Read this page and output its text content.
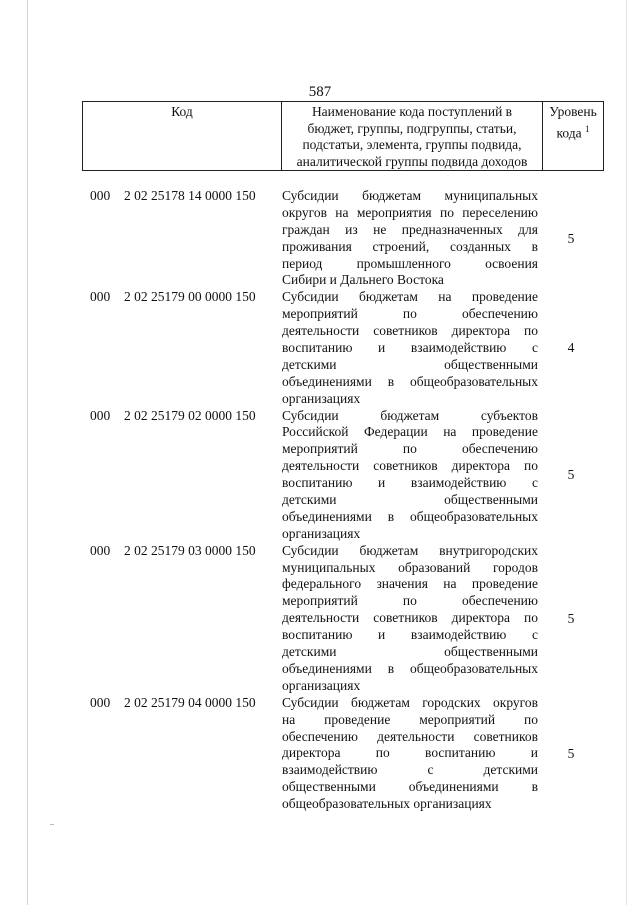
587
Код	Наименование кода поступлений в
бюджет, группы, подгруппы, статьи,
подстатьи, элемента, группы подвида,
аналитической группы подвида доходов
Уровень
кода $^1$
000	2 02 25178 14 0000 150	Субсидии бюджетам муниципальных
округов на мероприятия по переселению
граждан из не предназначенных для
проживания строений, созданных в
период промышленного освоения
Сибири и Дальнего Востока
5
000	2 02 25179 00 0000 150	Субсидии бюджетам на проведение
мероприятий по обеспечению
деятельности советников директора по
воспитанию и взаимодействию с
детскими общественными
объединениями в общеобразовательных
организациях
4
000	2 02 25179 02 0000 150	Субсидии бюджетам субъектов
Российской Федерации на проведение
мероприятий по обеспечению
деятельности советников директора по
воспитанию и взаимодействию с
детскими общественными
объединениями в общеобразовательных
организациях
5
000	2 02 25179 03 0000 150	Субсидии бюджетам внутригородских
муниципальных образований городов
федерального значения на проведение
мероприятий по обеспечению
деятельности советников директора по
воспитанию и взаимодействию с
детскими общественными
объединениями в общеобразовательных
организациях
5
000	2 02 25179 04 0000 150	Субсидии бюджетам городских округов
на проведение мероприятий по
обеспечению деятельности советников
директора по воспитанию и
взаимодействию с детскими
общественными объединениями в
общеобразовательных организациях
5
